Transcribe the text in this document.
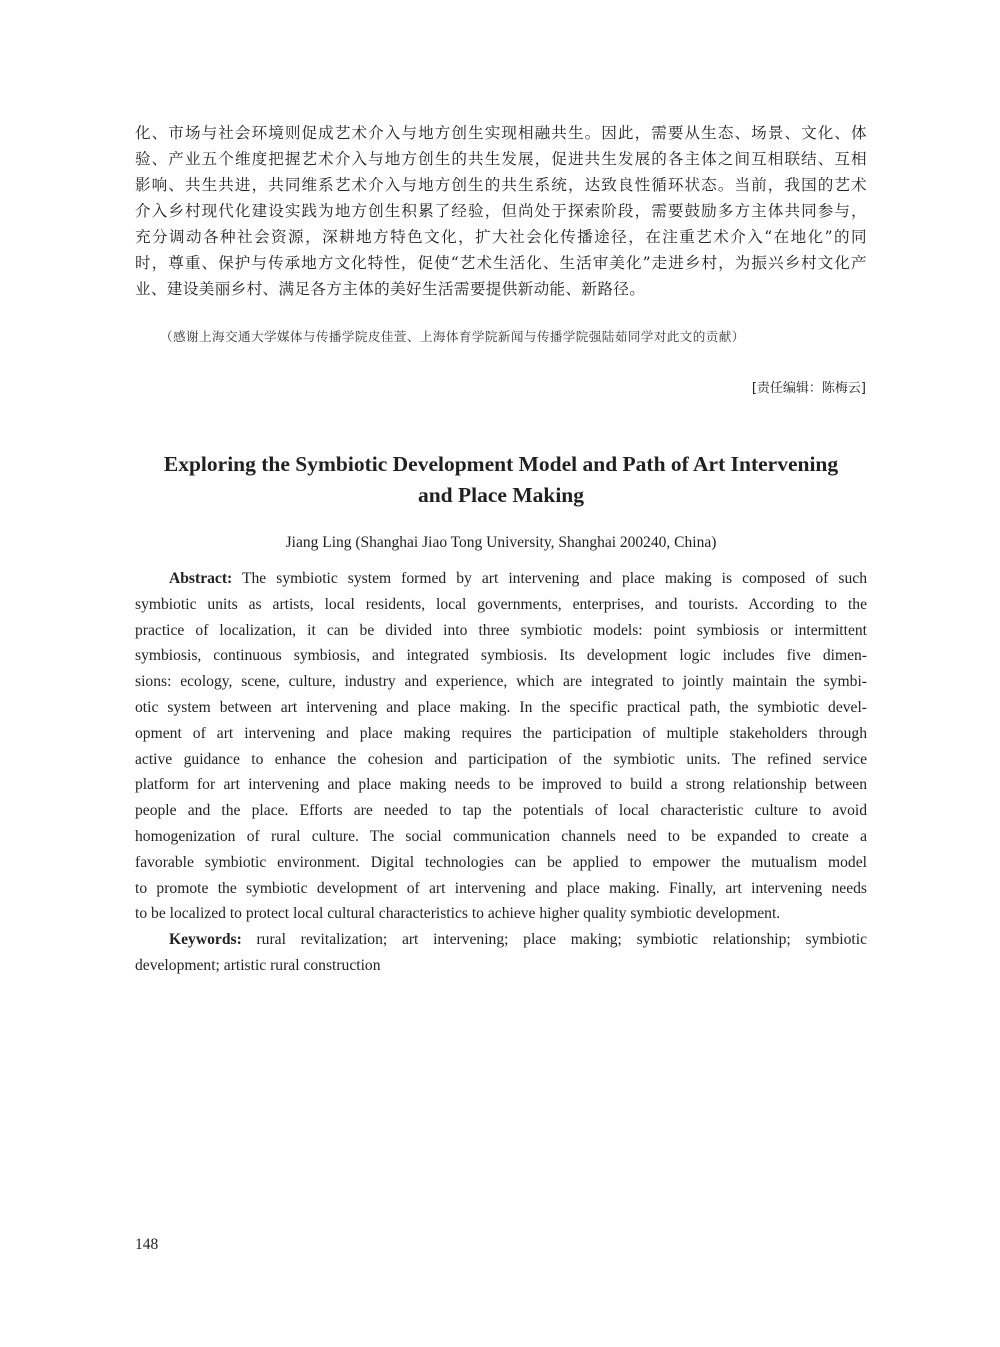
化、市场与社会环境则促成艺术介入与地方创生实现相融共生。因此，需要从生态、场景、文化、体
验、产业五个维度把握艺术介入与地方创生的共生发展，促进共生发展的各主体之间互相联结、互相
影响、共生共进，共同维系艺术介入与地方创生的共生系统，达致良性循环状态。当前，我国的艺术
介入乡村现代化建设实践为地方创生积累了经验，但尚处于探索阶段，需要鼓励多方主体共同参与，
充分调动各种社会资源，深耕地方特色文化，扩大社会化传播途径，在注重艺术介入“在地化”的同
时，尊重、保护与传承地方文化特性，促使“艺术生活化、生活审美化”走进乡村，为振兴乡村文化产
业、建设美丽乡村、满足各方主体的美好生活需要提供新动能、新路径。
（感谢上海交通大学媒体与传播学院皮佳萱、上海体育学院新闻与传播学院强陆茹同学对此文的贡献）
[责任编辑：陈梅云]
Exploring the Symbiotic Development Model and Path of Art Intervening
and Place Making
Jiang Ling (Shanghai Jiao Tong University, Shanghai 200240, China)
Abstract: The symbiotic system formed by art intervening and place making is composed of such
symbiotic units as artists, local residents, local governments, enterprises, and tourists. According to the
practice of localization, it can be divided into three symbiotic models: point symbiosis or intermittent
symbiosis, continuous symbiosis, and integrated symbiosis. Its development logic includes five dimen-
sions: ecology, scene, culture, industry and experience, which are integrated to jointly maintain the symbi-
otic system between art intervening and place making. In the specific practical path, the symbiotic devel-
opment of art intervening and place making requires the participation of multiple stakeholders through
active guidance to enhance the cohesion and participation of the symbiotic units. The refined service
platform for art intervening and place making needs to be improved to build a strong relationship between
people and the place. Efforts are needed to tap the potentials of local characteristic culture to avoid
homogenization of rural culture. The social communication channels need to be expanded to create a
favorable symbiotic environment. Digital technologies can be applied to empower the mutualism model
to promote the symbiotic development of art intervening and place making. Finally, art intervening needs
to be localized to protect local cultural characteristics to achieve higher quality symbiotic development.
Keywords: rural revitalization; art intervening; place making; symbiotic relationship; symbiotic
development; artistic rural construction
148
